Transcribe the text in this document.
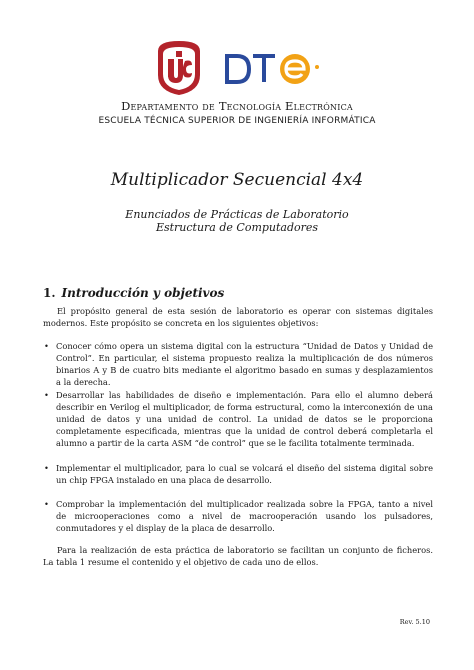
Departamento de Tecnología Electrónica
ESCUELA TÉCNICA SUPERIOR DE INGENIERÍA INFORMÁTICA
Multiplicador Secuencial 4x4
Enunciados de Prácticas de Laboratorio
Estructura de Computadores
1. Introducción y objetivos
El propósito general de esta sesión de laboratorio es operar con sistemas digitales modernos. Este propósito se concreta en los siguientes objetivos:
• Conocer cómo opera un sistema digital con la estructura “Unidad de Datos y Unidad de Control”. En particular, el sistema propuesto realiza la multiplicación de dos números binarios A y B de cuatro bits mediante el algoritmo basado en sumas y desplazamientos a la derecha.
• Desarrollar las habilidades de diseño e implementación. Para ello el alumno deberá describir en Verilog el multiplicador, de forma estructural, como la interconexión de una unidad de datos y una unidad de control. La unidad de datos se le proporciona completamente especificada, mientras que la unidad de control deberá completarla el alumno a partir de la carta ASM “de control” que se le facilita totalmente terminada.
• Implementar el multiplicador, para lo cual se volcará el diseño del sistema digital sobre un chip FPGA instalado en una placa de desarrollo.
• Comprobar la implementación del multiplicador realizada sobre la FPGA, tanto a nivel de microoperaciones como a nivel de macrooperación usando los pulsadores, conmutadores y el display de la placa de desarrollo.
Para la realización de esta práctica de laboratorio se facilitan un conjunto de ficheros. La tabla 1 resume el contenido y el objetivo de cada uno de ellos.
Rev. 5.10
